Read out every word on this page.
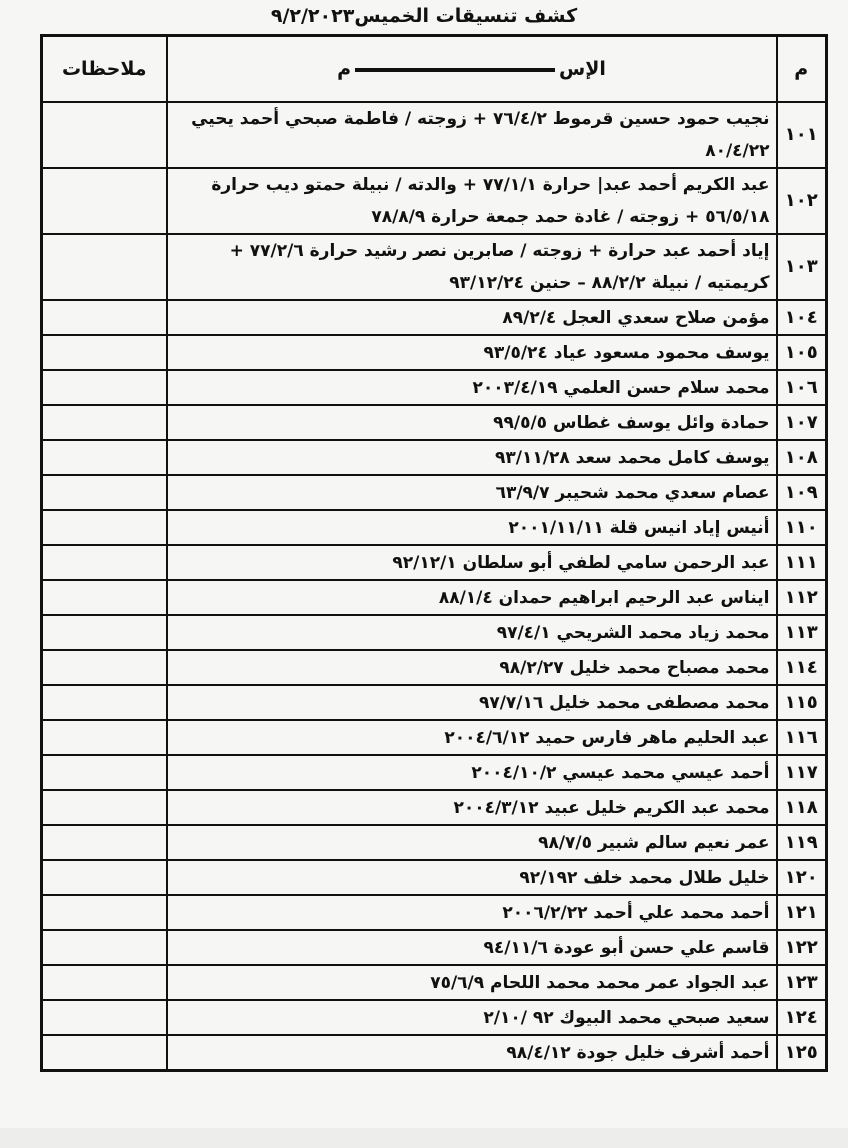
كشف تنسيقات الخميس٩/٢/٢٠٢٣
م	الإسم	ملاحظات
١٠١	نجيب حمود حسين قرموط ٧٦/٤/٢ + زوجته / فاطمة صبحي أحمد يحيي ٨٠/٤/٢٢	
١٠٢	عبد الكريم أحمد عبد| حرارة ٧٧/١/١ + والدته / نبيلة حمتو ديب حرارة ٥٦/٥/١٨ + زوجته / غادة حمد جمعة حرارة ٧٨/٨/٩	
١٠٣	إياد أحمد عبد حرارة + زوجته / صابرين نصر رشيد حرارة ٧٧/٢/٦ + كريمتيه / نبيلة ٨٨/٢/٢ – حنين ٩٣/١٢/٢٤	
١٠٤	مؤمن صلاح سعدي العجل ٨٩/٢/٤	
١٠٥	يوسف محمود مسعود عياد ٩٣/٥/٢٤	
١٠٦	محمد سلام حسن العلمي ٢٠٠٣/٤/١٩	
١٠٧	حمادة وائل يوسف غطاس ٩٩/٥/٥	
١٠٨	يوسف كامل محمد سعد ٩٣/١١/٢٨	
١٠٩	عصام سعدي محمد شحيبر ٦٣/٩/٧	
١١٠	أنيس إياد انيس قلة ٢٠٠١/١١/١١	
١١١	عبد الرحمن سامي لطفي أبو سلطان ٩٢/١٢/١	
١١٢	ايناس عبد الرحيم ابراهيم حمدان ٨٨/١/٤	
١١٣	محمد زياد محمد الشريحي ٩٧/٤/١	
١١٤	محمد مصباح محمد خليل ٩٨/٢/٢٧	
١١٥	محمد مصطفى محمد خليل ٩٧/٧/١٦	
١١٦	عبد الحليم ماهر فارس حميد ٢٠٠٤/٦/١٢	
١١٧	أحمد عيسي محمد عيسي ٢٠٠٤/١٠/٢	
١١٨	محمد عبد الكريم خليل عبيد ٢٠٠٤/٣/١٢	
١١٩	عمر نعيم سالم شبير ٩٨/٧/٥	
١٢٠	خليل طلال محمد خلف ٩٢/١٩٢	
١٢١	أحمد محمد علي أحمد ٢٠٠٦/٢/٢٢	
١٢٢	قاسم علي حسن أبو عودة ٩٤/١١/٦	
١٢٣	عبد الجواد عمر محمد محمد اللحام ٧٥/٦/٩	
١٢٤	سعيد صبحي محمد البيوك ٩٢ /٢/١٠	
١٢٥	أحمد أشرف خليل جودة ٩٨/٤/١٢	
